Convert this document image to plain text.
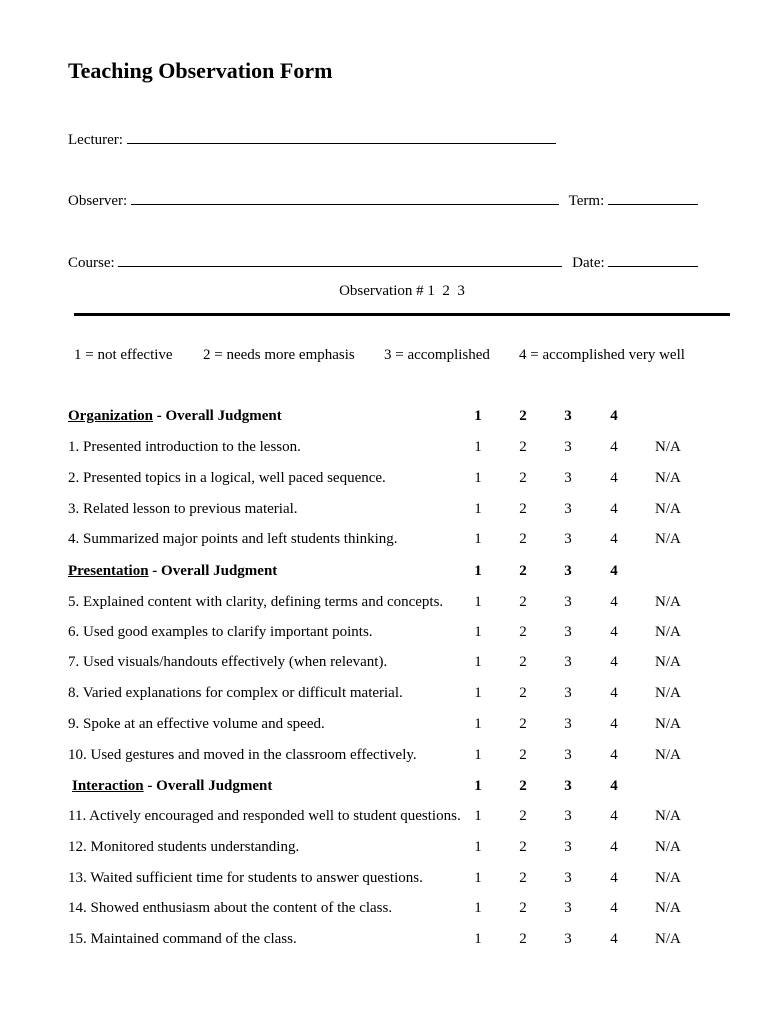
Teaching Observation Form
Lecturer:
Observer:	Term:
Course:	Date:
Observation # 1  2  3
1 = not effective 2 = needs more emphasis 3 = accomplished 4 = accomplished very well
Organization - Overall Judgment	1	2	3	4
1. Presented introduction to the lesson.	1	2	3	4	N/A
2. Presented topics in a logical, well paced sequence.	1	2	3	4	N/A
3. Related lesson to previous material.	1	2	3	4	N/A
4. Summarized major points and left students thinking.	1	2	3	4	N/A
Presentation - Overall Judgment	1	2	3	4
5. Explained content with clarity, defining terms and concepts.	1	2	3	4	N/A
6. Used good examples to clarify important points.	1	2	3	4	N/A
7. Used visuals/handouts effectively (when relevant).	1	2	3	4	N/A
8. Varied explanations for complex or difficult material.	1	2	3	4	N/A
9. Spoke at an effective volume and speed.	1	2	3	4	N/A
10. Used gestures and moved in the classroom effectively.	1	2	3	4	N/A
Interaction - Overall Judgment	1	2	3	4
11. Actively encouraged and responded well to student questions. 1	2	3	4	N/A
12. Monitored students understanding.	1	2	3	4	N/A
13. Waited sufficient time for students to answer questions.	1	2	3	4	N/A
14. Showed enthusiasm about the content of the class.	1	2	3	4	N/A
15. Maintained command of the class.	1	2	3	4	N/A
